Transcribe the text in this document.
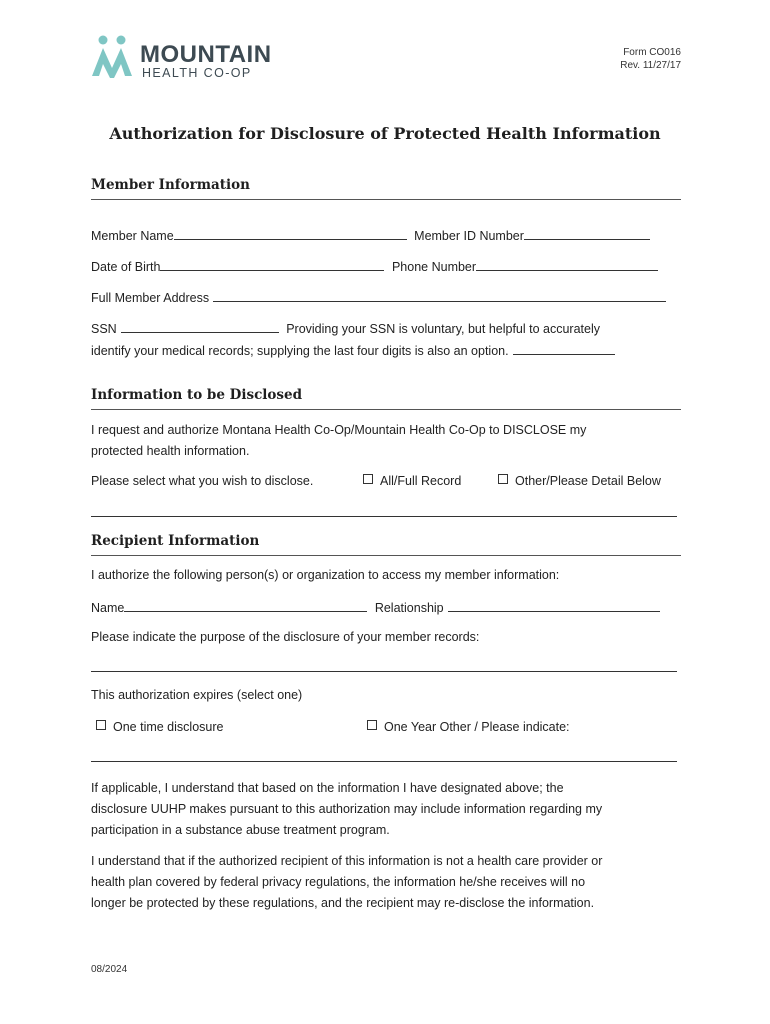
MOUNTAIN
HEALTH CO-OP
Form CO016
Rev. 11/27/17
Authorization for Disclosure of Protected Health Information
Member Information
Member Name	Member ID Number
Date of Birth	Phone Number
Full Member Address
SSN	Providing your SSN is voluntary, but helpful to accurately
identify your medical records; supplying the last four digits is also an option.
Information to be Disclosed

I request and authorize Montana Health Co-Op/Mountain Health Co-Op to DISCLOSE my

protected health information.

Please select what you wish to disclose.	All/Full Record	Other/Please Detail Below
Recipient Information
I authorize the following person(s) or organization to access my member information:
Name	Relationship
Please indicate the purpose of the disclosure of your member records:
This authorization expires (select one)
One time disclosure	One Year Other / Please indicate:

If applicable, I understand that based on the information I have designated above; the

disclosure UUHP makes pursuant to this authorization may include information regarding my

participation in a substance abuse treatment program.

I understand that if the authorized recipient of this information is not a health care provider or

health plan covered by federal privacy regulations, the information he/she receives will no

longer be protected by these regulations, and the recipient may re-disclose the information.

08/2024
